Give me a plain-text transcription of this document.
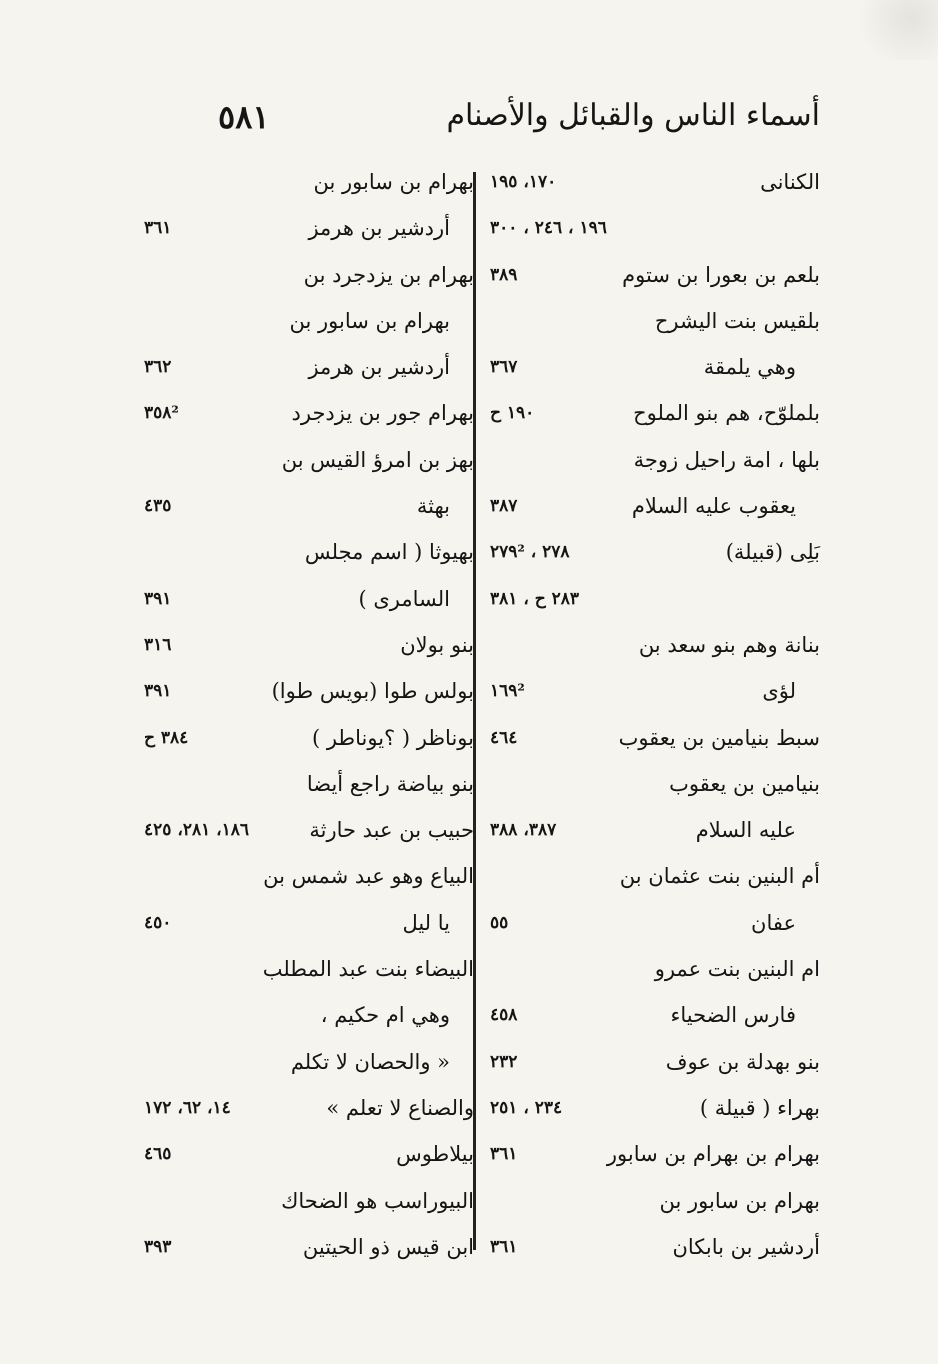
أسماء الناس والقبائل والأصنام
٥٨١
الكنانى
١٧٠، ١٩٥
١٩٦ ، ٢٤٦ ، ٣٠٠
بلعم بن بعورا بن ستوم
٣٨٩
بلقيس بنت اليشرح
وهي يلمقة
٣٦٧
بلملوّح، هم بنو الملوح
١٩٠ ح
بلها ، امة راحيل زوجة
يعقوب عليه السلام
٣٨٧
بَلِى (قبيلة)
٢٧٨ ، ٢٧٩²
٢٨٣ ح ، ٣٨١
بنانة وهم بنو سعد بن
لؤى
١٦٩²
سبط بنيامين بن يعقوب
٤٦٤
بنيامين بن يعقوب
عليه السلام
٣٨٧، ٣٨٨
أم البنين بنت عثمان بن
عفان
٥٥
ام البنين بنت عمرو
فارس الضحياء
٤٥٨
بنو بهدلة بن عوف
٢٣٢
بهراء ( قبيلة )
٢٣٤ ، ٢٥١
بهرام بن بهرام بن سابور
٣٦١
بهرام بن سابور بن
أردشير بن بابكان
٣٦١
بهرام بن سابور بن
أردشير بن هرمز
٣٦١
بهرام بن يزدجرد بن
بهرام بن سابور بن
أردشير بن هرمز
٣٦٢
بهرام جور بن يزدجرد
٣٥٨²
بهز بن امرؤ القيس بن
بهثة
٤٣٥
بهيوثا ( اسم مجلس
السامرى )
٣٩١
بنو بولان
٣١٦
بولس طوا (بويس طوا)
٣٩١
بوناظر ( ؟يوناطر )
٣٨٤ ح
بنو بياضة راجع أيضا
حبيب بن عبد حارثة
١٨٦، ٢٨١، ٤٢٥
البياع وهو عبد شمس بن
يا ليل
٤٥٠
البيضاء بنت عبد المطلب
وهي ام حكيم ،
« والحصان لا تكلم
والصناع لا تعلم »
١٤، ٦٢، ١٧٢
بيلاطوس
٤٦٥
البيوراسب هو الضحاك
ابن قيس ذو الحيتين
٣٩٣
